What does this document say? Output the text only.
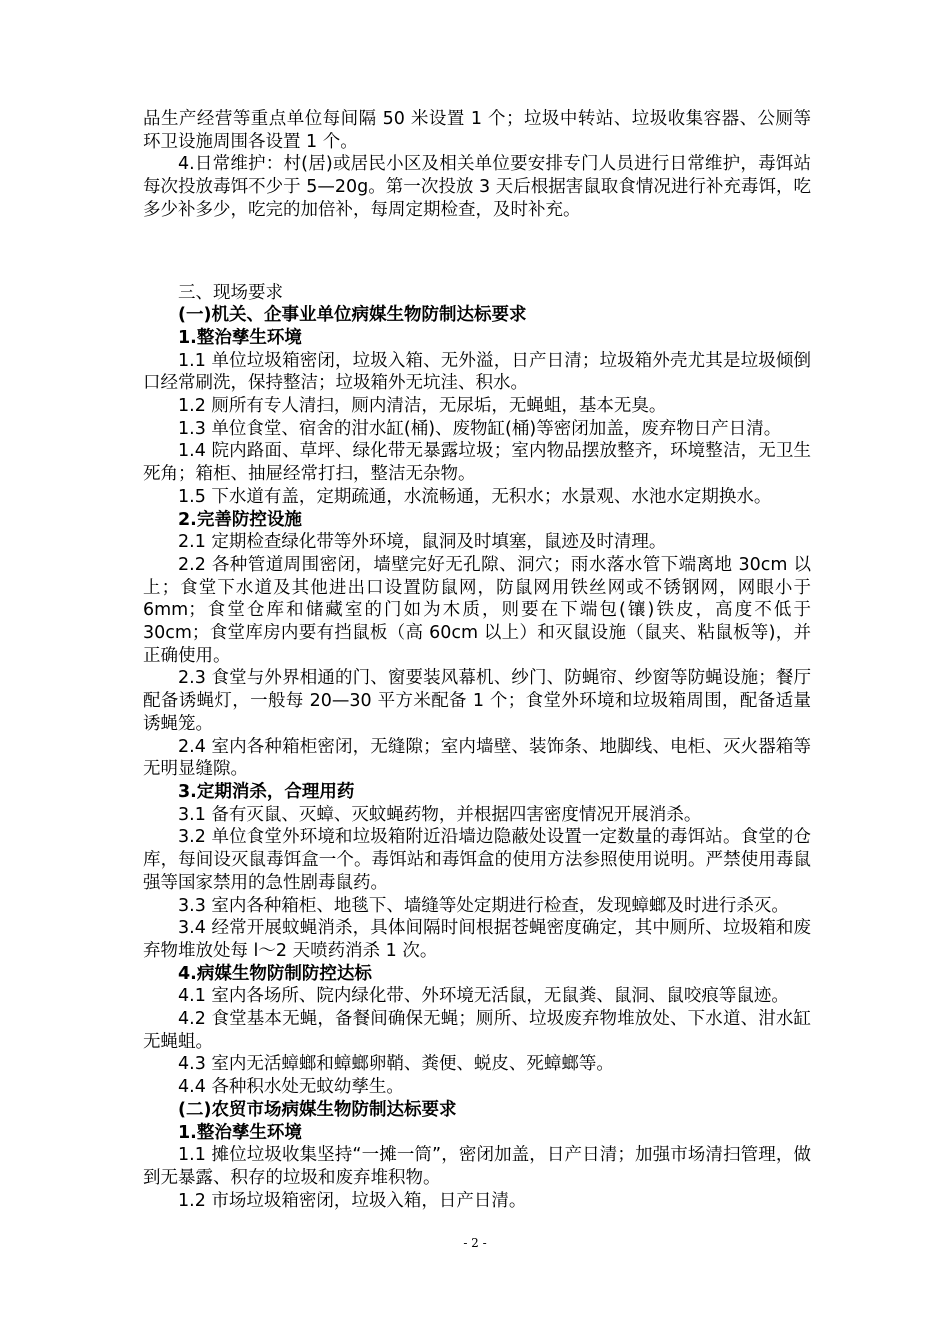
品生产经营等重点单位每间隔 50 米设置 1 个；垃圾中转站、垃圾收集容器、公厕等环卫设施周围各设置 1 个。

4.日常维护：村(居)或居民小区及相关单位要安排专门人员进行日常维护，毒饵站每次投放毒饵不少于 5—20g。第一次投放 3 天后根据害鼠取食情况进行补充毒饵，吃多少补多少，吃完的加倍补，每周定期检查，及时补充。

三、现场要求

(一)机关、企事业单位病媒生物防制达标要求

1.整治孳生环境

1.1 单位垃圾箱密闭，垃圾入箱、无外溢，日产日清；垃圾箱外壳尤其是垃圾倾倒口经常刷洗，保持整洁；垃圾箱外无坑洼、积水。

1.2 厕所有专人清扫，厕内清洁，无尿垢，无蝇蛆，基本无臭。

1.3 单位食堂、宿舍的泔水缸(桶)、废物缸(桶)等密闭加盖，废弃物日产日清。

1.4 院内路面、草坪、绿化带无暴露垃圾；室内物品摆放整齐，环境整洁，无卫生死角；箱柜、抽屉经常打扫，整洁无杂物。

1.5 下水道有盖，定期疏通，水流畅通，无积水；水景观、水池水定期换水。

2.完善防控设施

2.1 定期检查绿化带等外环境，鼠洞及时填塞，鼠迹及时清理。

2.2 各种管道周围密闭，墙壁完好无孔隙、洞穴；雨水落水管下端离地 30cm 以上；食堂下水道及其他进出口设置防鼠网，防鼠网用铁丝网或不锈钢网，网眼小于 6mm；食堂仓库和储藏室的门如为木质，则要在下端包(镶)铁皮，高度不低于 30cm；食堂库房内要有挡鼠板（高 60cm 以上）和灭鼠设施（鼠夹、粘鼠板等)，并正确使用。

2.3 食堂与外界相通的门、窗要装风幕机、纱门、防蝇帘、纱窗等防蝇设施；餐厅配备诱蝇灯，一般每 20—30 平方米配备 1 个；食堂外环境和垃圾箱周围，配备适量诱蝇笼。

2.4 室内各种箱柜密闭，无缝隙；室内墙壁、装饰条、地脚线、电柜、灭火器箱等无明显缝隙。

3.定期消杀，合理用药

3.1 备有灭鼠、灭蟑、灭蚊蝇药物，并根据四害密度情况开展消杀。

3.2 单位食堂外环境和垃圾箱附近沿墙边隐蔽处设置一定数量的毒饵站。食堂的仓库，每间设灭鼠毒饵盒一个。毒饵站和毒饵盒的使用方法参照使用说明。严禁使用毒鼠强等国家禁用的急性剧毒鼠药。

3.3 室内各种箱柜、地毯下、墙缝等处定期进行检查，发现蟑螂及时进行杀灭。

3.4 经常开展蚊蝇消杀，具体间隔时间根据苍蝇密度确定，其中厕所、垃圾箱和废弃物堆放处每 l～2 天喷药消杀 1 次。

4.病媒生物防制防控达标

4.1 室内各场所、院内绿化带、外环境无活鼠，无鼠粪、鼠洞、鼠咬痕等鼠迹。

4.2 食堂基本无蝇，备餐间确保无蝇；厕所、垃圾废弃物堆放处、下水道、泔水缸无蝇蛆。

4.3 室内无活蟑螂和蟑螂卵鞘、粪便、蜕皮、死蟑螂等。

4.4 各种积水处无蚊幼孳生。

(二)农贸市场病媒生物防制达标要求

1.整治孳生环境

1.1 摊位垃圾收集坚持“一摊一筒”，密闭加盖，日产日清；加强市场清扫管理，做到无暴露、积存的垃圾和废弃堆积物。

1.2 市场垃圾箱密闭，垃圾入箱，日产日清。

- 2 -
